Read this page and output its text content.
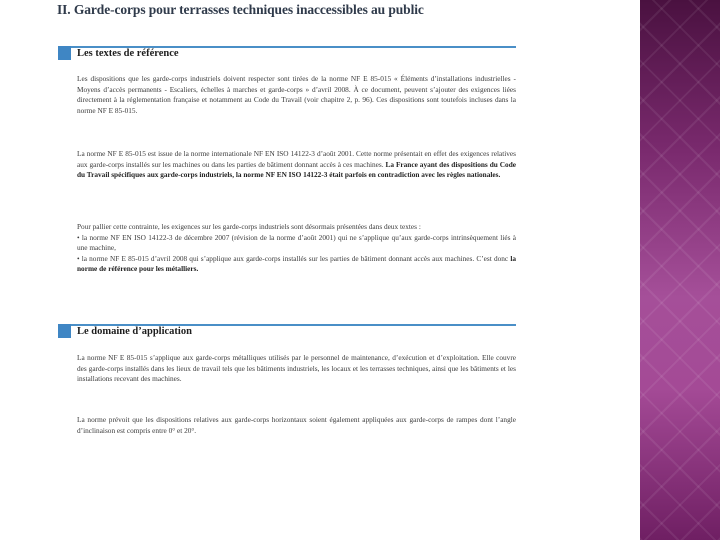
II. Garde-corps pour terrasses techniques inaccessibles au public
Les textes de référence

Les dispositions que les garde-corps industriels doivent respecter sont tirées de la norme NF E 85-015 « Éléments d’installations industrielles - Moyens d’accès permanents - Escaliers, échelles à marches et garde-corps » d’avril 2008. À ce document, peuvent s’ajouter des exigences liées directement à la réglementation française et notamment au Code du Travail (voir chapitre 2, p. 96). Ces dispositions sont toutefois incluses dans la norme NF E 85-015.

La norme NF E 85-015 est issue de la norme internationale NF EN ISO 14122-3 d’août 2001. Cette norme présentait en effet des exigences relatives aux garde-corps installés sur les machines ou dans les parties de bâtiment donnant accès à ces machines. La France ayant des dispositions du Code du Travail spécifiques aux garde-corps industriels, la norme NF EN ISO 14122-3 était parfois en contradiction avec les règles nationales.

Pour pallier cette contrainte, les exigences sur les garde-corps industriels sont désormais présentées dans deux textes :
• la norme NF EN ISO 14122-3 de décembre 2007 (révision de la norme d’août 2001) qui ne s’applique qu’aux garde-corps intrinsèquement liés à une machine,
• la norme NF E 85-015 d’avril 2008 qui s’applique aux garde-corps installés sur les parties de bâtiment donnant accès aux machines. C’est donc la norme de référence pour les métalliers.

Le domaine d’application

La norme NF E 85-015 s’applique aux garde-corps métalliques utilisés par le personnel de maintenance, d’exécution et d’exploitation. Elle couvre des garde-corps installés dans les lieux de travail tels que les bâtiments industriels, les locaux et les terrasses techniques, ainsi que les bâtiments et les installations recevant des machines.

La norme prévoit que les dispositions relatives aux garde-corps horizontaux soient également appliquées aux garde-corps de rampes dont l’angle d’inclinaison est compris entre 0° et 20°.
